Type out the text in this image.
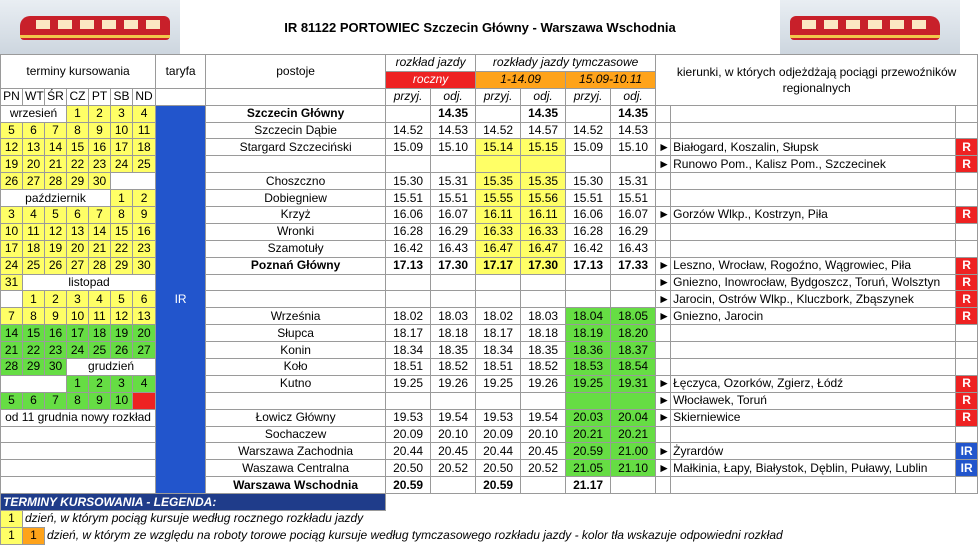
IR 81122 PORTOWIEC Szczecin Główny - Warszawa Wschodnia
terminy kursowania							taryfa	postoje	rozkład jazdy		rozkłady jazdy tymczasowe				kierunki, w których odjeżdżają pociągi przewoźników regionalnych		
									roczny		1-14.09		15.09-10.11				
PN	WT	ŚR	CZ	PT	SB	ND			przyj.	odj.	przyj.	odj.	przyj.	odj.			
wrzesień			1	2	3	4	IR	Szczecin Główny		14.35		14.35		14.35			
5	6	7	8	9	10	11		Szczecin Dąbie	14.52	14.53	14.52	14.57	14.52	14.53			
12	13	14	15	16	17	18		Stargard Szczeciński	15.09	15.10	15.14	15.15	15.09	15.10	►	Białogard, Koszalin, Słupsk	R
19	20	21	22	23	24	25									►	Runowo Pom., Kalisz Pom., Szczecinek	R
26	27	28	29	30				Choszczno	15.30	15.31	15.35	15.35	15.30	15.31			
październik					1	2		Dobiegniew	15.51	15.51	15.55	15.56	15.51	15.51			
3	4	5	6	7	8	9		Krzyż	16.06	16.07	16.11	16.11	16.06	16.07	►	Gorzów Wlkp., Kostrzyn, Piła	R
10	11	12	13	14	15	16		Wronki	16.28	16.29	16.33	16.33	16.28	16.29			
17	18	19	20	21	22	23		Szamotuły	16.42	16.43	16.47	16.47	16.42	16.43			
24	25	26	27	28	29	30		Poznań Główny	17.13	17.30	17.17	17.30	17.13	17.33	►	Leszno, Wrocław, Rogoźno, Wągrowiec, Piła	R
31	listopad														►	Gniezno, Inowrocław, Bydgoszcz, Toruń, Wolsztyn	R
	1	2	3	4	5	6									►	Jarocin, Ostrów Wlkp., Kluczbork, Zbąszynek	R
7	8	9	10	11	12	13		Września	18.02	18.03	18.02	18.03	18.04	18.05	►	Gniezno, Jarocin	R
14	15	16	17	18	19	20		Słupca	18.17	18.18	18.17	18.18	18.19	18.20			
21	22	23	24	25	26	27		Konin	18.34	18.35	18.34	18.35	18.36	18.37			
28	29	30	grudzień					Koło	18.51	18.52	18.51	18.52	18.53	18.54			
			1	2	3	4		Kutno	19.25	19.26	19.25	19.26	19.25	19.31	►	Łęczyca, Ozorków, Zgierz, Łódź	R
5	6	7	8	9	10										►	Włocławek, Toruń	R
od 11 grudnia nowy rozkład								Łowicz Główny	19.53	19.54	19.53	19.54	20.03	20.04	►	Skierniewice	R
								Sochaczew	20.09	20.10	20.09	20.10	20.21	20.21			
								Warszawa Zachodnia	20.44	20.45	20.44	20.45	20.59	21.00	►	Żyrardów	IR
								Waszawa Centralna	20.50	20.52	20.50	20.52	21.05	21.10	►	Małkinia, Łapy, Białystok, Dęblin, Puławy, Lublin	IR
								Warszawa Wschodnia	20.59		20.59		21.17				
TERMINY KURSOWANIA - LEGENDA:																	
1	dzień, w którym pociąg kursuje według rocznego rozkładu jazdy																
1	1	dzień, w którym ze względu na roboty torowe pociąg kursuje według tymczasowego rozkładu jazdy - kolor tła wskazuje odpowiedni rozkład															
